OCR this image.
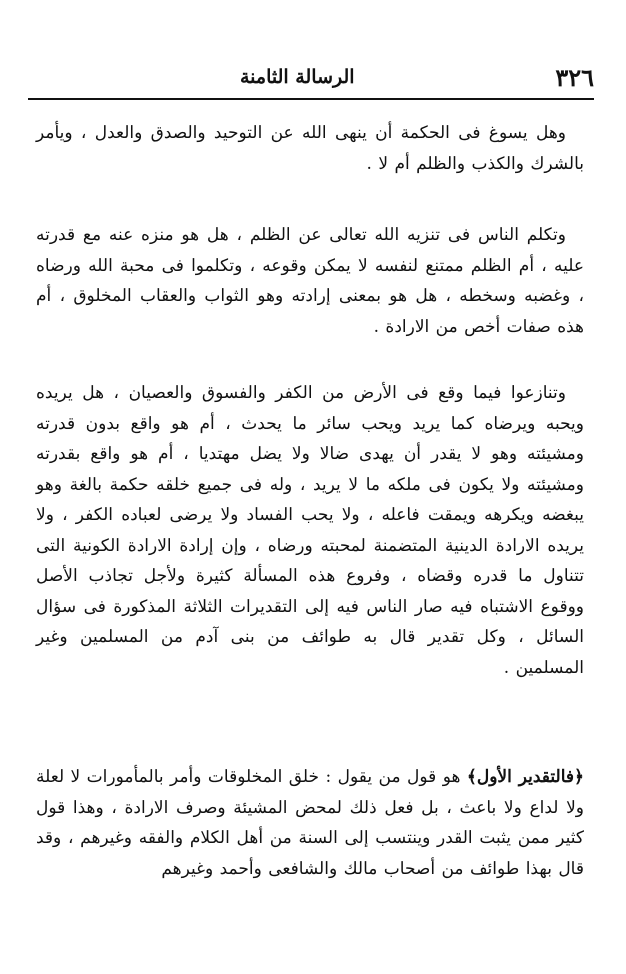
٣٢٦
الرسالة الثامنة

وهل يسوغ فى الحكمة أن ينهى الله عن التوحيد والصدق والعدل ، ويأمر بالشرك والكذب والظلم أم لا .

وتكلم الناس فى تنزيه الله تعالى عن الظلم ، هل هو منزه عنه مع قدرته عليه ، أم الظلم ممتنع لنفسه لا يمكن وقوعه ، وتكلموا فى محبة الله ورضاه ، وغضبه وسخطه ، هل هو بمعنى إرادته وهو الثواب والعقاب المخلوق ، أم هذه صفات أخص من الارادة .

وتنازعوا فيما وقع فى الأرض من الكفر والفسوق والعصيان ، هل يريده ويحبه ويرضاه كما يريد ويحب سائر ما يحدث ، أم هو واقع بدون قدرته ومشيئته وهو لا يقدر أن يهدى ضالا ولا يضل مهتديا ، أم هو واقع بقدرته ومشيئته ولا يكون فى ملكه ما لا يريد ، وله فى جميع خلقه حكمة بالغة وهو يبغضه ويكرهه ويمقت فاعله ، ولا يحب الفساد ولا يرضى لعباده الكفر ، ولا يريده الارادة الدينية المتضمنة لمحبته ورضاه ، وإن إرادة الارادة الكونية التى تتناول ما قدره وقضاه ، وفروع هذه المسألة كثيرة ولأجل تجاذب الأصل ووقوع الاشتباه فيه صار الناس فيه إلى التقديرات الثلاثة المذكورة فى سؤال السائل ، وكل تقدير قال به طوائف من بنى آدم من المسلمين وغير المسلمين .

﴿فالتقدير الأول﴾ هو قول من يقول : خلق المخلوقات وأمر بالمأمورات لا لعلة ولا لداع ولا باعث ، بل فعل ذلك لمحض المشيئة وصرف الارادة ، وهذا قول كثير ممن يثبت القدر وينتسب إلى السنة من أهل الكلام والفقه وغيرهم ، وقد قال بهذا طوائف من أصحاب مالك والشافعى وأحمد وغيرهم
